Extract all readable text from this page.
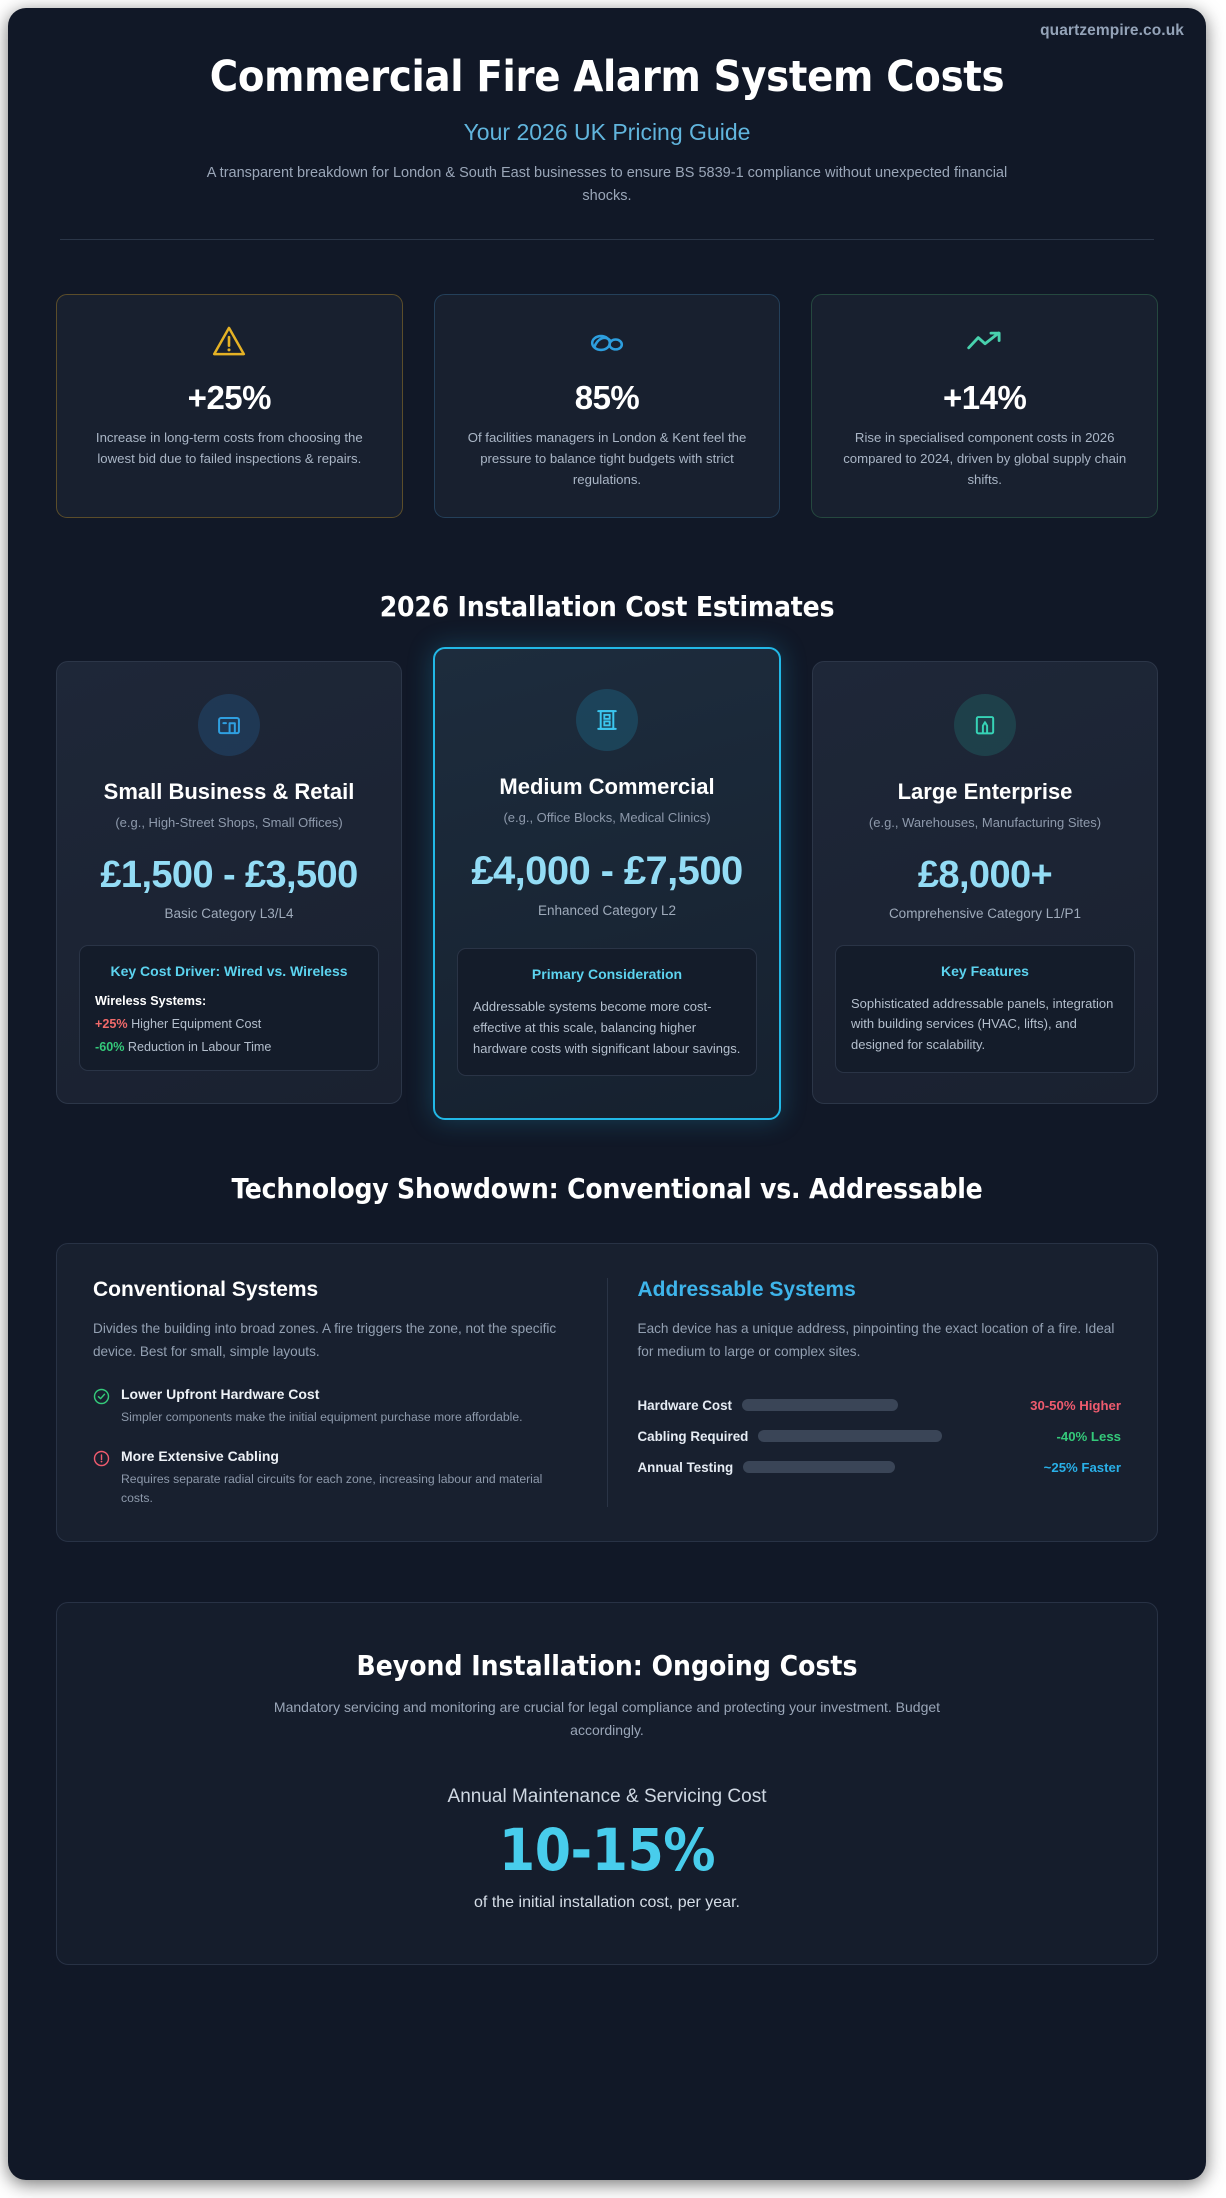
quartzempire.co.uk
Commercial Fire Alarm System Costs
Your 2026 UK Pricing Guide
A transparent breakdown for London & South East businesses to ensure BS 5839-1 compliance without unexpected financial shocks.
+25%
Increase in long-term costs from choosing the lowest bid due to failed inspections & repairs.
85%
Of facilities managers in London & Kent feel the pressure to balance tight budgets with strict regulations.
+14%
Rise in specialised component costs in 2026 compared to 2024, driven by global supply chain shifts.
2026 Installation Cost Estimates
Small Business & Retail
(e.g., High-Street Shops, Small Offices)
£1,500 - £3,500
Basic Category L3/L4
Key Cost Driver: Wired vs. Wireless
Wireless Systems:
+25% Higher Equipment Cost
-60% Reduction in Labour Time
Medium Commercial
(e.g., Office Blocks, Medical Clinics)
£4,000 - £7,500
Enhanced Category L2
Primary Consideration
Addressable systems become more cost-effective at this scale, balancing higher hardware costs with significant labour savings.
Large Enterprise
(e.g., Warehouses, Manufacturing Sites)
£8,000+
Comprehensive Category L1/P1
Key Features
Sophisticated addressable panels, integration with building services (HVAC, lifts), and designed for scalability.
Technology Showdown: Conventional vs. Addressable
Conventional Systems
Divides the building into broad zones. A fire triggers the zone, not the specific device. Best for small, simple layouts.
Lower Upfront Hardware Cost
Simpler components make the initial equipment purchase more affordable.
More Extensive Cabling
Requires separate radial circuits for each zone, increasing labour and material costs.
Addressable Systems
Each device has a unique address, pinpointing the exact location of a fire. Ideal for medium to large or complex sites.
Hardware Cost	30-50% Higher
Cabling Required	-40% Less
Annual Testing	~25% Faster
Beyond Installation: Ongoing Costs
Mandatory servicing and monitoring are crucial for legal compliance and protecting your investment. Budget accordingly.
Annual Maintenance & Servicing Cost
10-15%
of the initial installation cost, per year.
